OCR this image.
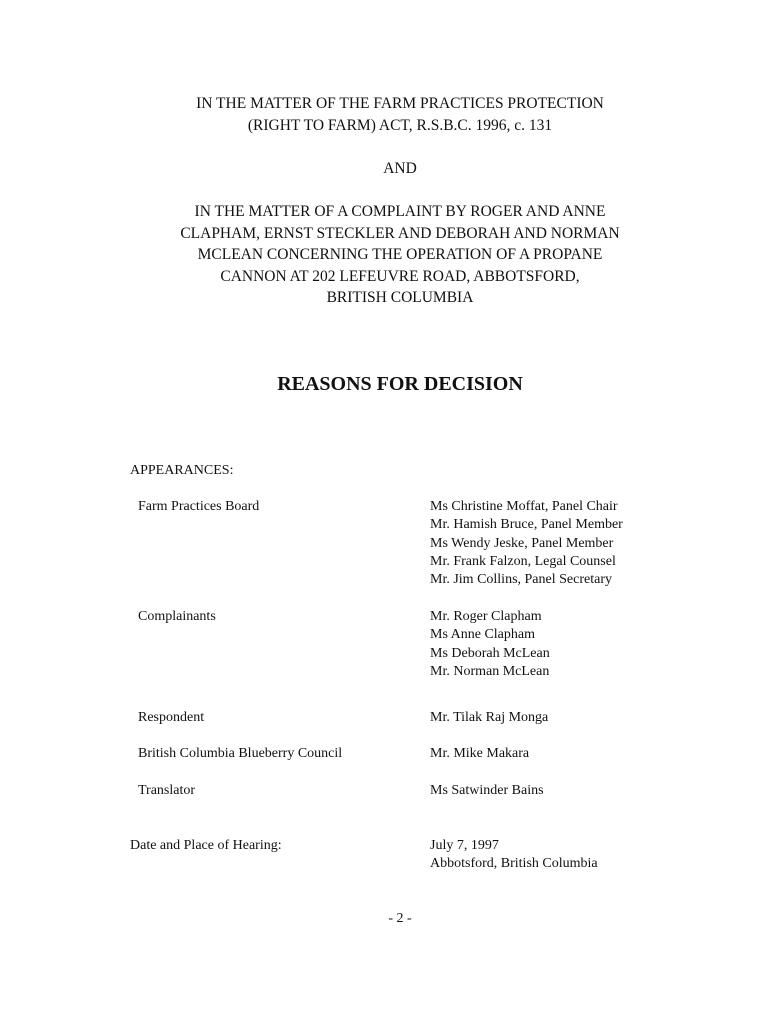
IN THE MATTER OF THE FARM PRACTICES PROTECTION
(RIGHT TO FARM) ACT, R.S.B.C. 1996, c. 131
AND
IN THE MATTER OF A COMPLAINT BY ROGER AND ANNE
CLAPHAM, ERNST STECKLER AND DEBORAH AND NORMAN
MCLEAN CONCERNING THE OPERATION OF A PROPANE
CANNON AT 202 LEFEUVRE ROAD, ABBOTSFORD,
BRITISH COLUMBIA
REASONS FOR DECISION
APPEARANCES:
Farm Practices Board	Ms Christine Moffat, Panel Chair
Mr. Hamish Bruce, Panel Member
Ms Wendy Jeske, Panel Member
Mr. Frank Falzon, Legal Counsel
Mr. Jim Collins, Panel Secretary
Complainants	Mr. Roger Clapham
Ms Anne Clapham
Ms Deborah McLean
Mr. Norman McLean
Respondent	Mr. Tilak Raj Monga
British Columbia Blueberry Council	Mr. Mike Makara
Translator	Ms Satwinder Bains
Date and Place of Hearing:	July 7, 1997
Abbotsford, British Columbia
- 2 -
